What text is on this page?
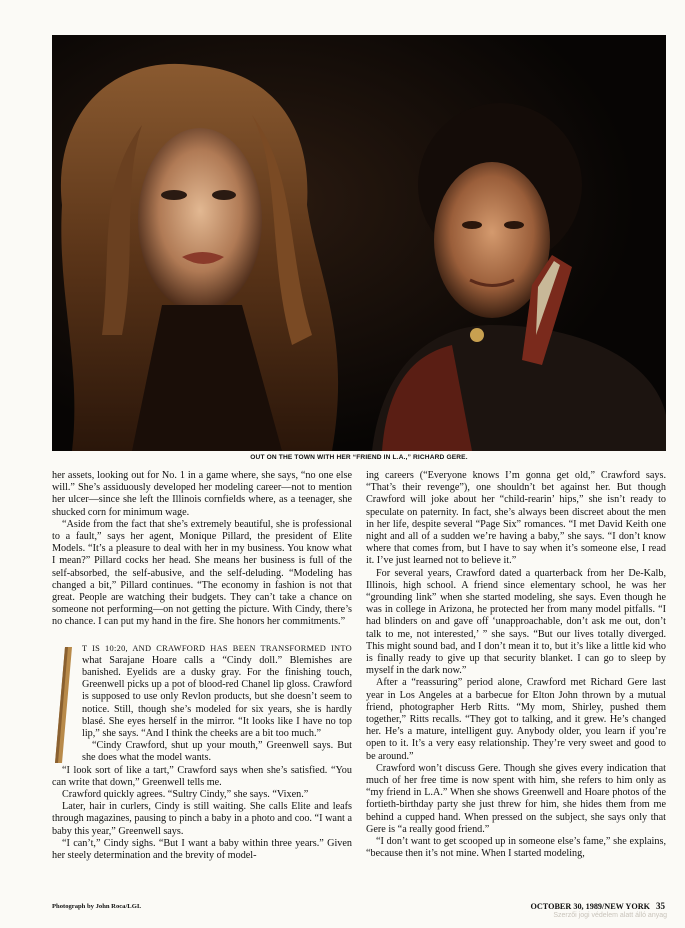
OUT ON THE TOWN WITH HER “FRIEND IN L.A.,” RICHARD GERE.

her assets, looking out for No. 1 in a game where, she says, “no one else will.” She’s assiduously developed her modeling career—not to mention her ulcer—since she left the Illinois cornfields where, as a teenager, she shucked corn for minimum wage.

“Aside from the fact that she’s extremely beautiful, she is professional to a fault,” says her agent, Monique Pillard, the president of Elite Models. “It’s a pleasure to deal with her in my business. You know what I mean?” Pillard cocks her head. She means her business is full of the self-absorbed, the self-abusive, and the self-deluding. “Modeling has changed a bit,” Pillard continues. “The economy in fashion is not that great. People are watching their budgets. They can’t take a chance on someone not performing—on not getting the picture. With Cindy, there’s no chance. I can put my hand in the fire. She honors her commitments.”

T IS 10:20, AND CRAWFORD HAS BEEN TRANSFORMED INTO what Sarajane Hoare calls a “Cindy doll.” Blemishes are banished. Eyelids are a dusky gray. For the finishing touch, Greenwell picks up a pot of blood-red Chanel lip gloss. Crawford is supposed to use only Revlon products, but she doesn’t seem to notice. Still, though she’s modeled for six years, she is hardly blasé. She eyes herself in the mirror. “It looks like I have no top lip,” she says. “And I think the cheeks are a bit too much.”

“Cindy Crawford, shut up your mouth,” Greenwell says. But she does what the model wants.

“I look sort of like a tart,” Crawford says when she’s satisfied. “You can write that down,” Greenwell tells me.

Crawford quickly agrees. “Sultry Cindy,” she says. “Vixen.”

Later, hair in curlers, Cindy is still waiting. She calls Elite and leafs through magazines, pausing to pinch a baby in a photo and coo. “I want a baby this year,” Greenwell says.

“I can’t,” Cindy sighs. “But I want a baby within three years.” Given her steely determination and the brevity of model-

ing careers (“Everyone knows I’m gonna get old,” Crawford says. “That’s their revenge”), one shouldn’t bet against her. But though Crawford will joke about her “child-rearin’ hips,” she isn’t ready to speculate on paternity. In fact, she’s always been discreet about the men in her life, despite several “Page Six” romances. “I met David Keith one night and all of a sudden we’re having a baby,” she says. “I don’t know where that comes from, but I have to say when it’s someone else, I read it. I’ve just learned not to believe it.”

For several years, Crawford dated a quarterback from her De-Kalb, Illinois, high school. A friend since elementary school, he was her “grounding link” when she started modeling, she says. Even though he was in college in Arizona, he protected her from many model pitfalls. “I had blinders on and gave off ‘unapproachable, don’t ask me out, don’t talk to me, not interested,’ ” she says. “But our lives totally diverged. This might sound bad, and I don’t mean it to, but it’s like a little kid who is finally ready to give up that security blanket. I can go to sleep by myself in the dark now.”

After a “reassuring” period alone, Crawford met Richard Gere last year in Los Angeles at a barbecue for Elton John thrown by a mutual friend, photographer Herb Ritts. “My mom, Shirley, pushed them together,” Ritts recalls. “They got to talking, and it grew. He’s changed her. He’s a mature, intelligent guy. Anybody older, you learn if you’re open to it. It’s a very easy relationship. They’re very sweet and good to be around.”

Crawford won’t discuss Gere. Though she gives every indication that much of her free time is now spent with him, she refers to him only as “my friend in L.A.” When she shows Greenwell and Hoare photos of the fortieth-birthday party she just threw for him, she hides them from me behind a cupped hand. When pressed on the subject, she says only that Gere is “a really good friend.”

“I don’t want to get scooped up in someone else’s fame,” she explains, “because then it’s not mine. When I started modeling,

Photograph by John Roca/LGI.	OCTOBER 30, 1989/NEW YORK 35
Szerzői jogi védelem alatt álló anyag
